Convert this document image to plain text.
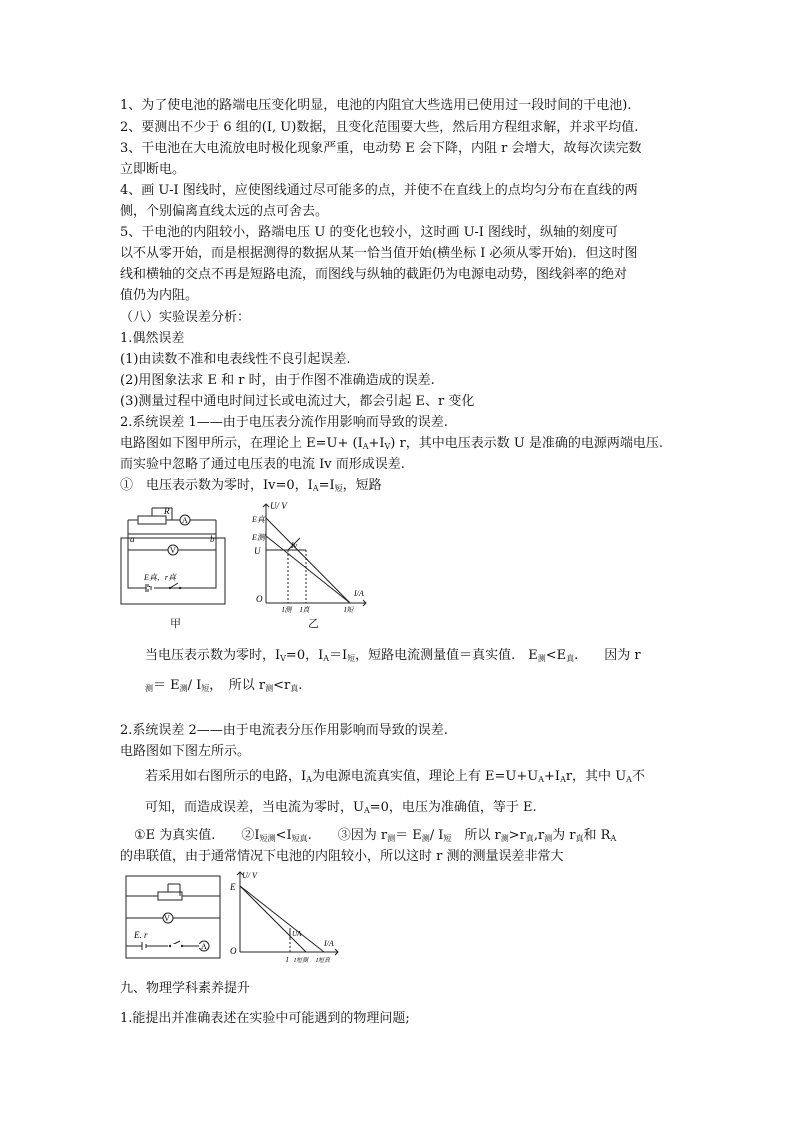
1、为了使电池的路端电压变化明显，电池的内阻宜大些选用已使用过一段时间的干电池).
2、要测出不少于 6 组的(I, U)数据，且变化范围要大些，然后用方程组求解，并求平均值.
3、干电池在大电流放电时极化现象严重，电动势 E 会下降，内阻 r 会增大，故每次读完数
立即断电。
4、画 U-I 图线时，应使图线通过尽可能多的点，并使不在直线上的点均匀分布在直线的两
侧，个别偏离直线太远的点可舍去。
5、干电池的内阻较小，路端电压 U 的变化也较小，这时画 U-I 图线时，纵轴的刻度可
以不从零开始，而是根据测得的数据从某一恰当值开始(横坐标 I 必须从零开始)．但这时图
线和横轴的交点不再是短路电流，而图线与纵轴的截距仍为电源电动势，图线斜率的绝对
值仍为内阻。
（八）实验误差分析：
1.偶然误差
(1)由读数不准和电表线性不良引起误差.
(2)用图象法求 E 和 r 时，由于作图不准确造成的误差.
(3)测量过程中通电时间过长或电流过大，都会引起 E、r 变化
2.系统误差 1——由于电压表分流作用影响而导致的误差.
电路图如下图甲所示，在理论上 $E=U+ (I_A+I_V)$ r，其中电压表示数 U 是准确的电源两端电压.
而实验中忽略了通过电压表的电流 Iv 而形成误差.
①　电压表示数为零时，Iv=0，$I_A=I_短$，短路
R
A
V
a	b
E真，r真
甲
U/ V
E真
E测
U
Iv
O
I测 I真	I短
I/A
乙
当电压表示数为零时，$I_V=0$，$I_A=I_短$，短路电流测量值＝真实值.　$E_测<E_真$.　　因为 r
$_测= E_测/$ $I_短$，　所以 $r_测<r_真$.
2.系统误差 2——由于电流表分压作用影响而导致的误差.
电路图如下图左所示。
若采用如右图所示的电路，$I_A$为电源电流真实值，理论上有 $E=U+U_A+I_Ar$，其中 $U_A$不
可知，而造成误差，当电流为零时，$U_A=0$，电压为准确值，等于 E.
①E 为真实值.　　$②I_{短测}<I_{短真}$.　　③因为 $r_测= E_测/$ $I_短$　所以 $r_测>r_真,r_测$为 $r_真$和 $R_A$
的串联值，由于通常情况下电池的内阻较小，所以这时 r 测的测量误差非常大
V
A
E. r
U/ V
E
UA
O
I I短测 I短真
I/A
九、物理学科素养提升
1.能提出并准确表述在实验中可能遇到的物理问题;
